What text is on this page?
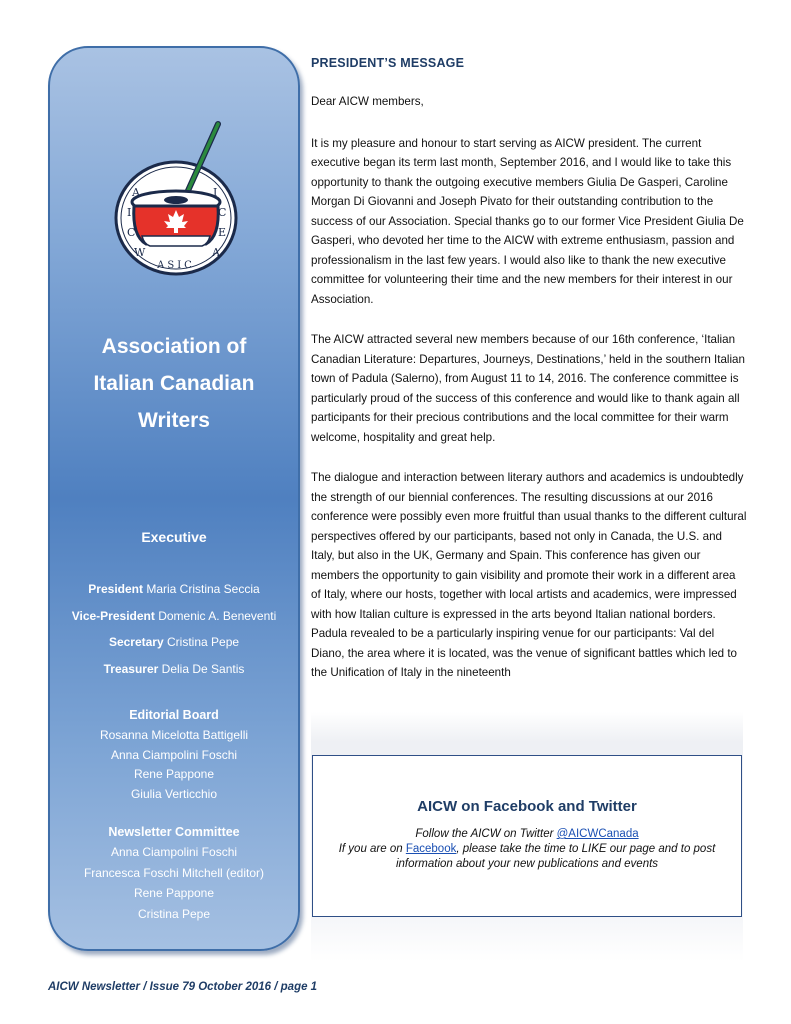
A
I
C
W
I
C
E
A
ASIC
Association of
Italian Canadian
Writers
Executive
President Maria Cristina Seccia
Vice-President Domenic A. Beneventi
Secretary Cristina Pepe
Treasurer Delia De Santis
Editorial Board
Rosanna Micelotta Battigelli
Anna Ciampolini Foschi
Rene Pappone
Giulia Verticchio
Newsletter Committee
Anna Ciampolini Foschi
Francesca Foschi Mitchell (editor)
Rene Pappone
Cristina Pepe
PRESIDENT’S MESSAGE

Dear AICW members,

It is my pleasure and honour to start serving as AICW president. The current executive began its term last month, September 2016, and I would like to take this opportunity to thank the outgoing executive members Giulia De Gasperi, Caroline Morgan Di Giovanni and Joseph Pivato for their outstanding contribution to the success of our Association. Special thanks go to our former Vice President Giulia De Gasperi, who devoted her time to the AICW with extreme enthusiasm, passion and professionalism in the last few years. I would also like to thank the new executive committee for volunteering their time and the new members for their interest in our Association.

The AICW attracted several new members because of our 16th conference, ‘Italian Canadian Literature: Departures, Journeys, Destinations,’ held in the southern Italian town of Padula (Salerno), from August 11 to 14, 2016. The conference committee is particularly proud of the success of this conference and would like to thank again all participants for their precious contributions and the local committee for their warm welcome, hospitality and great help.

The dialogue and interaction between literary authors and academics is undoubtedly the strength of our biennial conferences. The resulting discussions at our 2016 conference were possibly even more fruitful than usual thanks to the different cultural perspectives offered by our participants, based not only in Canada, the U.S. and Italy, but also in the UK, Germany and Spain. This conference has given our members the opportunity to gain visibility and promote their work in a different area of Italy, where our hosts, together with local artists and academics, were impressed with how Italian culture is expressed in the arts beyond Italian national borders. Padula revealed to be a particularly inspiring venue for our participants: Val del Diano, the area where it is located, was the venue of significant battles which led to the Unification of Italy in the nineteenth

AICW on Facebook and Twitter
Follow the AICW on Twitter @AICWCanada
If you are on Facebook, please take the time to LIKE our page and to post
information about your new publications and events
AICW Newsletter / Issue 79 October 2016 / page 1
